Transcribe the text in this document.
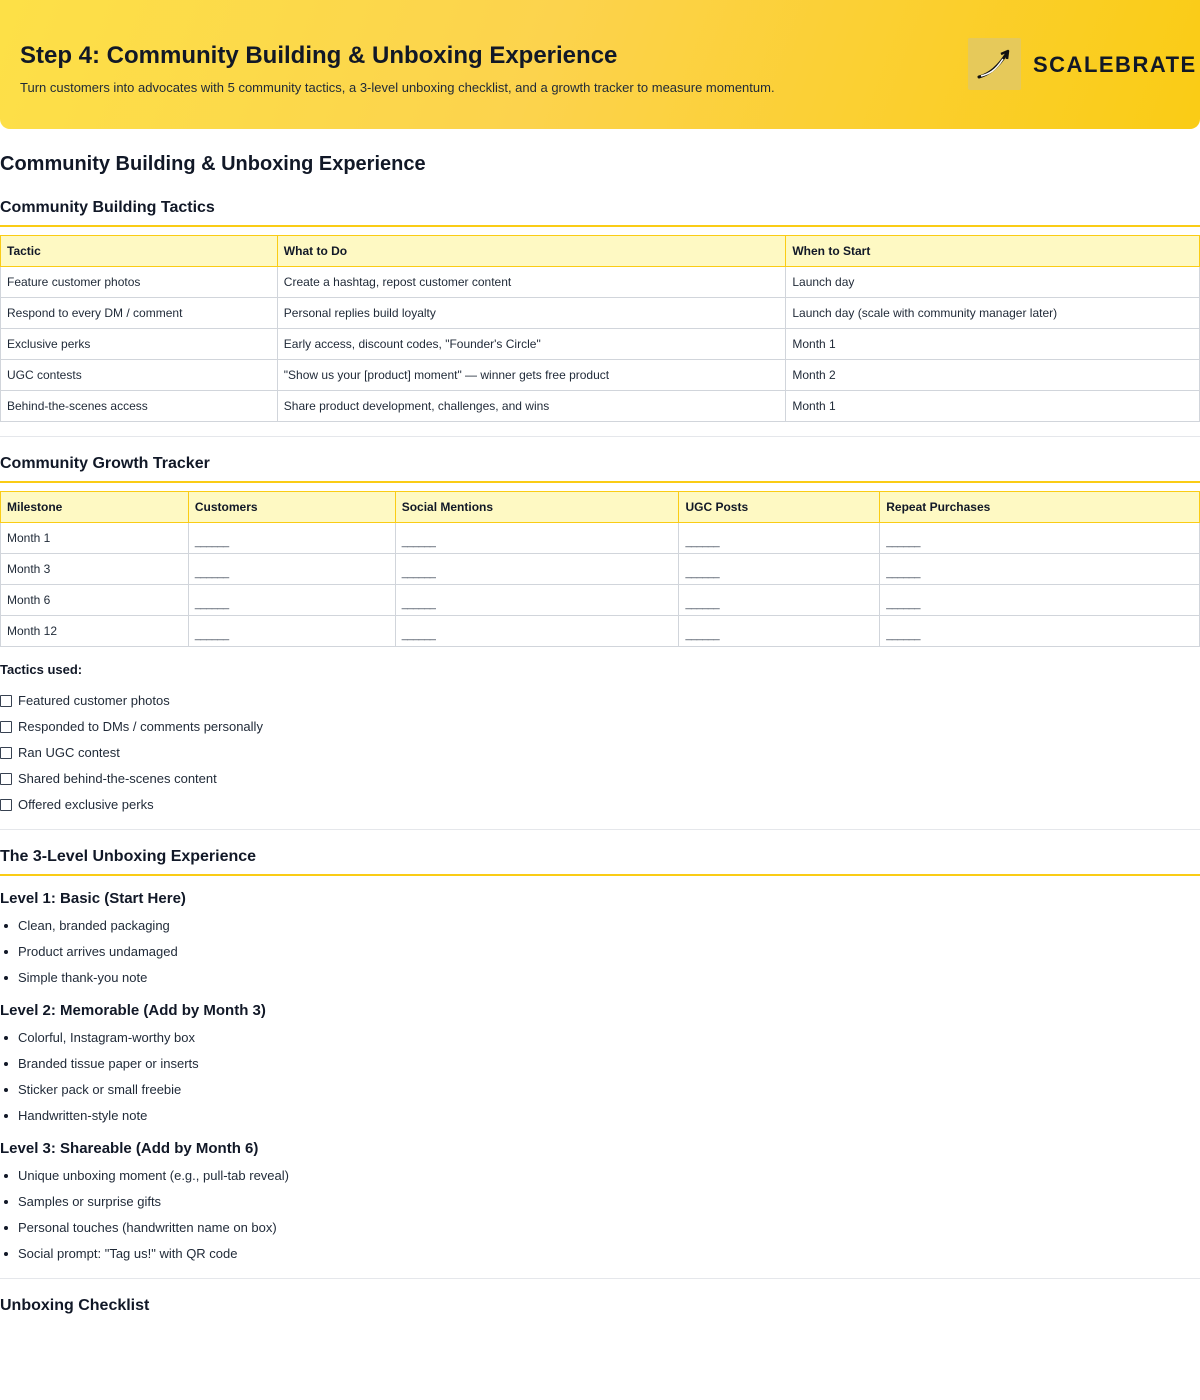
Step 4: Community Building & Unboxing Experience
Turn customers into advocates with 5 community tactics, a 3-level unboxing checklist, and a growth tracker to measure momentum.
SCALEBRATE
Community Building & Unboxing Experience
Community Building Tactics
Tactic	What to Do	When to Start
Feature customer photos	Create a hashtag, repost customer content	Launch day
Respond to every DM / comment	Personal replies build loyalty	Launch day (scale with community manager later)
Exclusive perks	Early access, discount codes, "Founder's Circle"	Month 1
UGC contests	"Show us your [product] moment" — winner gets free product	Month 2
Behind-the-scenes access	Share product development, challenges, and wins	Month 1
Community Growth Tracker
Milestone	Customers	Social Mentions	UGC Posts	Repeat Purchases
Month 1	______	______	______	______
Month 3	______	______	______	______
Month 6	______	______	______	______
Month 12	______	______	______	______
Tactics used:
Featured customer photos
Responded to DMs / comments personally
Ran UGC contest
Shared behind-the-scenes content
Offered exclusive perks
The 3-Level Unboxing Experience
Level 1: Basic (Start Here)
Clean, branded packaging
Product arrives undamaged
Simple thank-you note
Level 2: Memorable (Add by Month 3)
Colorful, Instagram-worthy box
Branded tissue paper or inserts
Sticker pack or small freebie
Handwritten-style note
Level 3: Shareable (Add by Month 6)
Unique unboxing moment (e.g., pull-tab reveal)
Samples or surprise gifts
Personal touches (handwritten name on box)
Social prompt: "Tag us!" with QR code
Unboxing Checklist
